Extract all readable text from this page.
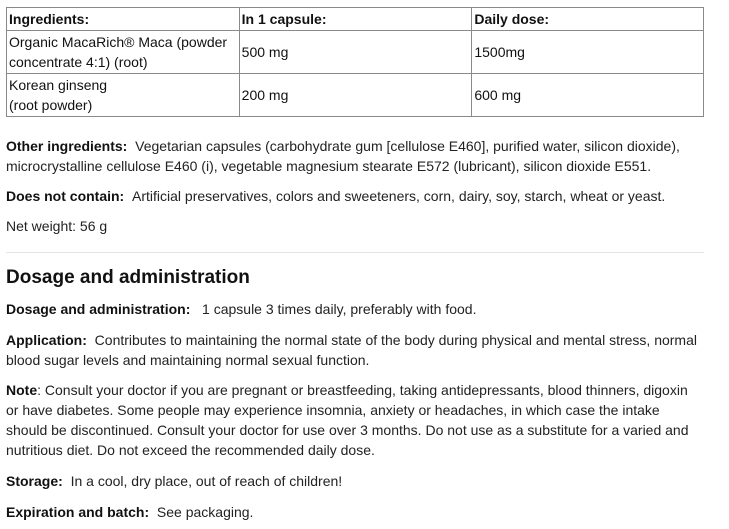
Ingredients:	In 1 capsule:	Daily dose:
Organic MacaRich® Maca (powder
concentrate 4:1) (root)	500 mg	1500mg
Korean ginseng
(root powder)	200 mg	600 mg

Other ingredients: Vegetarian capsules (carbohydrate gum [cellulose E460], purified water, silicon dioxide), microcrystalline cellulose E460 (i), vegetable magnesium stearate E572 (lubricant), silicon dioxide E551.

Does not contain: Artificial preservatives, colors and sweeteners, corn, dairy, soy, starch, wheat or yeast.

Net weight: 56 g

Dosage and administration

Dosage and administration: 1 capsule 3 times daily, preferably with food.

Application: Contributes to maintaining the normal state of the body during physical and mental stress, normal blood sugar levels and maintaining normal sexual function.

Note: Consult your doctor if you are pregnant or breastfeeding, taking antidepressants, blood thinners, digoxin or have diabetes. Some people may experience insomnia, anxiety or headaches, in which case the intake should be discontinued. Consult your doctor for use over 3 months. Do not use as a substitute for a varied and nutritious diet. Do not exceed the recommended daily dose.

Storage: In a cool, dry place, out of reach of children!

Expiration and batch: See packaging.
